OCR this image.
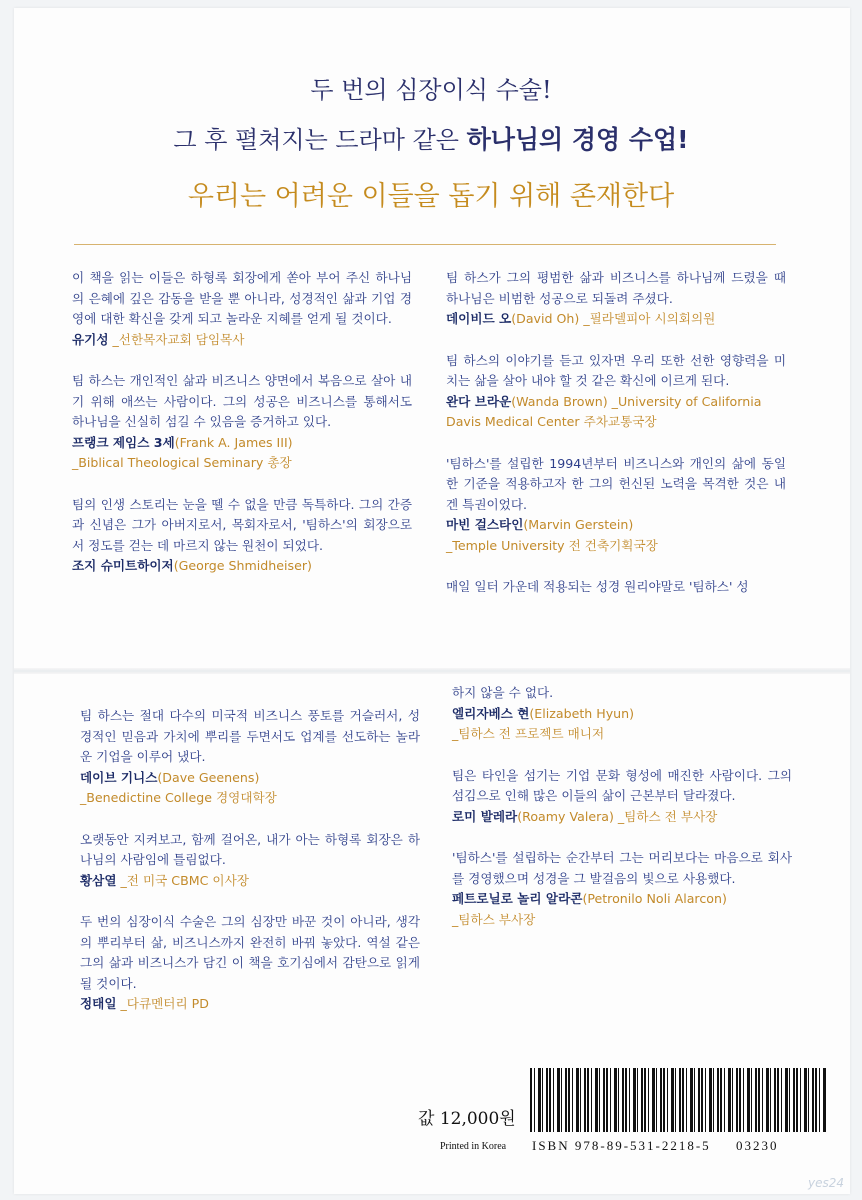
두 번의 심장이식 수술!
그 후 펼쳐지는 드라마 같은 하나님의 경영 수업!
우리는 어려운 이들을 돕기 위해 존재한다

이 책을 읽는 이들은 하형록 회장에게 쏟아 부어 주신 하나님의 은혜에 깊은 감동을 받을 뿐 아니라, 성경적인 삶과 기업 경영에 대한 확신을 갖게 되고 놀라운 지혜를 얻게 될 것이다.

유기성 _선한목자교회 담임목사

팀 하스는 개인적인 삶과 비즈니스 양면에서 복음으로 살아 내기 위해 애쓰는 사람이다. 그의 성공은 비즈니스를 통해서도 하나님을 신실히 섬길 수 있음을 증거하고 있다.

프랭크 제임스 3세(Frank A. James III)
_Biblical Theological Seminary 총장

팀의 인생 스토리는 눈을 뗄 수 없을 만큼 독특하다. 그의 간증과 신념은 그가 아버지로서, 목회자로서, '팀하스'의 회장으로서 정도를 걷는 데 마르지 않는 원천이 되었다.

조지 슈미트하이저(George Shmidheiser)

팀 하스가 그의 평범한 삶과 비즈니스를 하나님께 드렸을 때 하나님은 비범한 성공으로 되돌려 주셨다.

데이비드 오(David Oh) _필라델피아 시의회의원

팀 하스의 이야기를 듣고 있자면 우리 또한 선한 영향력을 미치는 삶을 살아 내야 할 것 같은 확신에 이르게 된다.

완다 브라운(Wanda Brown) _University of California Davis Medical Center 주차교통국장

'팀하스'를 설립한 1994년부터 비즈니스와 개인의 삶에 동일한 기준을 적용하고자 한 그의 헌신된 노력을 목격한 것은 내겐 특권이었다.

마빈 걸스타인(Marvin Gerstein)
_Temple University 전 건축기획국장

매일 일터 가운데 적용되는 성경 원리야말로 '팀하스' 성

팀 하스는 절대 다수의 미국적 비즈니스 풍토를 거슬러서, 성경적인 믿음과 가치에 뿌리를 두면서도 업계를 선도하는 놀라운 기업을 이루어 냈다.

데이브 기니스(Dave Geenens)
_Benedictine College 경영대학장

오랫동안 지켜보고, 함께 걸어온, 내가 아는 하형록 회장은 하나님의 사람임에 틀림없다.

황삼열 _전 미국 CBMC 이사장

두 번의 심장이식 수술은 그의 심장만 바꾼 것이 아니라, 생각의 뿌리부터 삶, 비즈니스까지 완전히 바꿔 놓았다. 역설 같은 그의 삶과 비즈니스가 담긴 이 책을 호기심에서 감탄으로 읽게 될 것이다.

정태일 _다큐멘터리 PD

하지 않을 수 없다.

엘리자베스 현(Elizabeth Hyun)
_팀하스 전 프로젝트 매니저

팀은 타인을 섬기는 기업 문화 형성에 매진한 사람이다. 그의 섬김으로 인해 많은 이들의 삶이 근본부터 달라졌다.

로미 발레라(Roamy Valera) _팀하스 전 부사장

'팀하스'를 설립하는 순간부터 그는 머리보다는 마음으로 회사를 경영했으며 성경을 그 발걸음의 빛으로 사용했다.

페트로닐로 놀리 알라콘(Petronilo Noli Alarcon)
_팀하스 부사장
값 12,000원
Printed in Korea ISBN 978-89-531-2218-5 03230
yes24
